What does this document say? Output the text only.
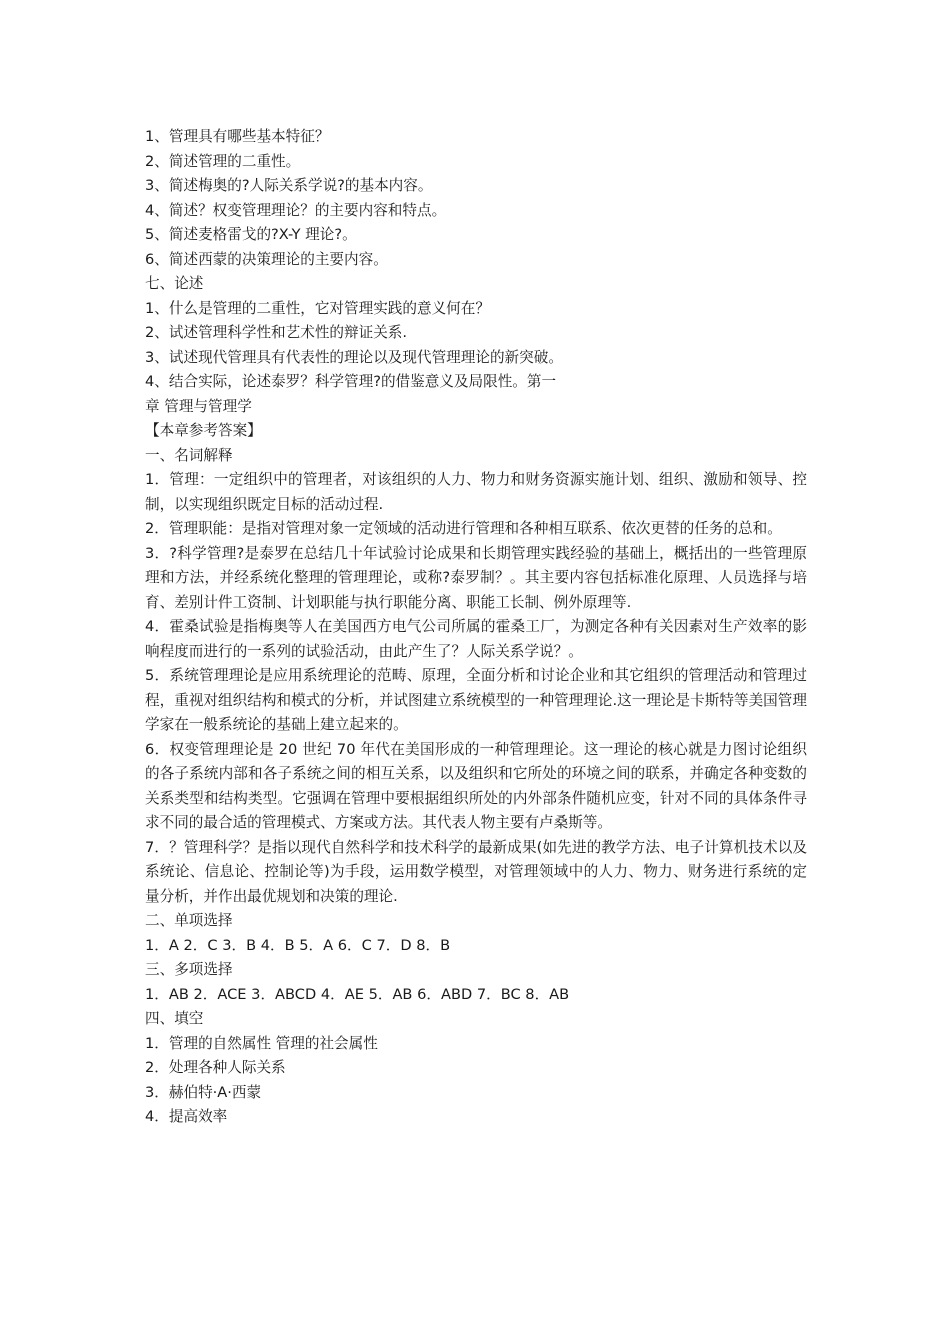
1、管理具有哪些基本特征？

2、简述管理的二重性。

3、简述梅奥的?人际关系学说?的基本内容。

4、简述？权变管理理论？的主要内容和特点。

5、简述麦格雷戈的?X-Y 理论?。

6、简述西蒙的决策理论的主要内容。

七、论述

1、什么是管理的二重性，它对管理实践的意义何在？

2、试述管理科学性和艺术性的辩证关系.

3、试述现代管理具有代表性的理论以及现代管理理论的新突破。

4、结合实际，论述泰罗？科学管理?的借鉴意义及局限性。第一

章 管理与管理学

【本章参考答案】

一、名词解释

1．管理：一定组织中的管理者，对该组织的人力、物力和财务资源实施计划、组织、激励和领导、控制，以实现组织既定目标的活动过程.

2．管理职能：是指对管理对象一定领域的活动进行管理和各种相互联系、依次更替的任务的总和。

3．?科学管理?是泰罗在总结几十年试验讨论成果和长期管理实践经验的基础上，概括出的一些管理原理和方法，并经系统化整理的管理理论，或称?泰罗制？。其主要内容包括标准化原理、人员选择与培育、差别计件工资制、计划职能与执行职能分离、职能工长制、例外原理等.

4．霍桑试验是指梅奥等人在美国西方电气公司所属的霍桑工厂，为测定各种有关因素对生产效率的影响程度而进行的一系列的试验活动，由此产生了？人际关系学说？。

5．系统管理理论是应用系统理论的范畴、原理，全面分析和讨论企业和其它组织的管理活动和管理过程，重视对组织结构和模式的分析，并试图建立系统模型的一种管理理论.这一理论是卡斯特等美国管理学家在一般系统论的基础上建立起来的。

6．权变管理理论是 20 世纪 70 年代在美国形成的一种管理理论。这一理论的核心就是力图讨论组织的各子系统内部和各子系统之间的相互关系，以及组织和它所处的环境之间的联系，并确定各种变数的关系类型和结构类型。它强调在管理中要根据组织所处的内外部条件随机应变，针对不同的具体条件寻求不同的最合适的管理模式、方案或方法。其代表人物主要有卢桑斯等。

7．？管理科学？是指以现代自然科学和技术科学的最新成果(如先进的教学方法、电子计算机技术以及系统论、信息论、控制论等)为手段，运用数学模型，对管理领域中的人力、物力、财务进行系统的定量分析，并作出最优规划和决策的理论.

二、单项选择

1．A 2．C 3．B 4．B 5．A 6．C 7．D 8．B

三、多项选择

1．AB 2．ACE 3．ABCD 4．AE 5．AB 6．ABD 7．BC 8．AB

四、填空

1．管理的自然属性 管理的社会属性

2．处理各种人际关系

3．赫伯特·A·西蒙

4．提高效率
